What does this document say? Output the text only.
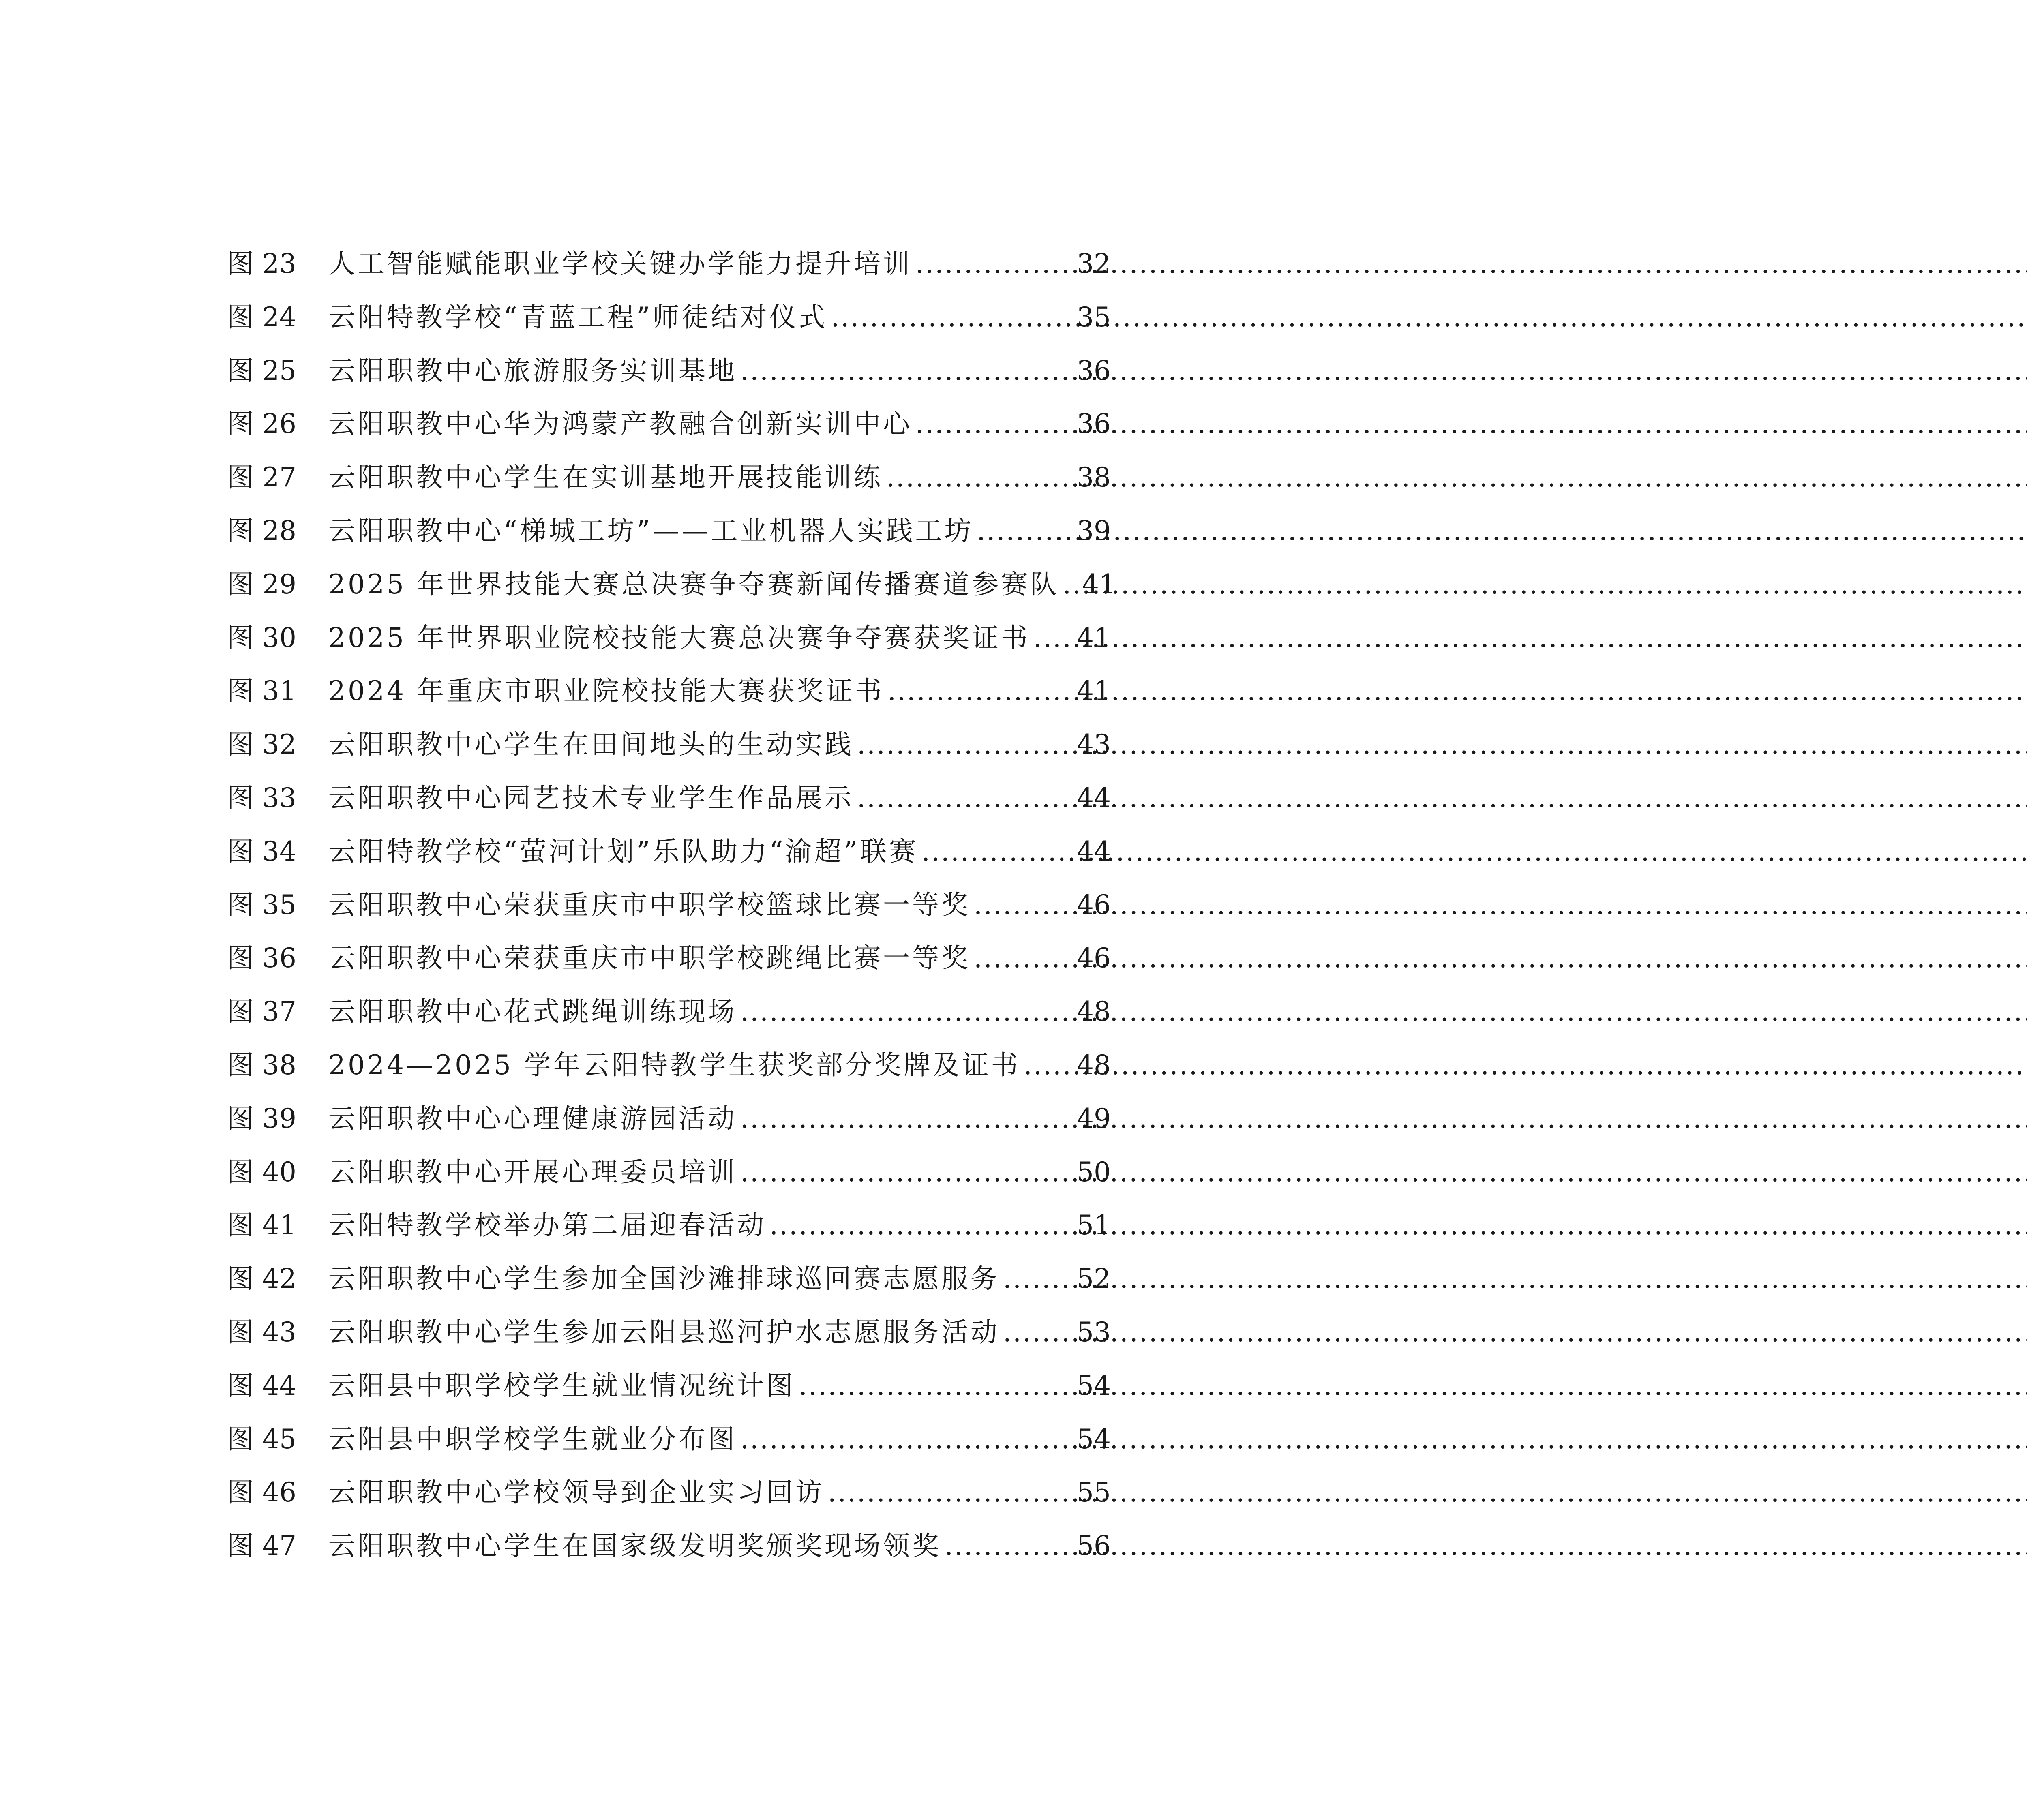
图 23	人工智能赋能职业学校关键办学能力提升培训 .....	32
图 24	云阳特教学校“青蓝工程”师徒结对仪式 .....	35
图 25	云阳职教中心旅游服务实训基地 .....	36
图 26	云阳职教中心华为鸿蒙产教融合创新实训中心 .....	36
图 27	云阳职教中心学生在实训基地开展技能训练 .....	38
图 28	云阳职教中心“梯城工坊”——工业机器人实践工坊 .....	39
图 29	2025 年世界技能大赛总决赛争夺赛新闻传播赛道参赛队 ..... 41
图 30	2025 年世界职业院校技能大赛总决赛争夺赛获奖证书 ..... 41
图 31	2024 年重庆市职业院校技能大赛获奖证书 .....	41
图 32	云阳职教中心学生在田间地头的生动实践 .....	43
图 33	云阳职教中心园艺技术专业学生作品展示 .....	44
图 34	云阳特教学校“萤河计划”乐队助力“渝超”联赛 .....	44
图 35	云阳职教中心荣获重庆市中职学校篮球比赛一等奖 .....	46
图 36	云阳职教中心荣获重庆市中职学校跳绳比赛一等奖 .....	46
图 37	云阳职教中心花式跳绳训练现场 .....	48
图 38	2024—2025 学年云阳特教学生获奖部分奖牌及证书 ..... 48
图 39	云阳职教中心心理健康游园活动 .....	49
图 40	云阳职教中心开展心理委员培训 .....	50
图 41	云阳特教学校举办第二届迎春活动 .....	51
图 42	云阳职教中心学生参加全国沙滩排球巡回赛志愿服务 .....	52
图 43	云阳职教中心学生参加云阳县巡河护水志愿服务活动 .....	53
图 44	云阳县中职学校学生就业情况统计图 .....	54
图 45	云阳县中职学校学生就业分布图 .....	54
图 46	云阳职教中心学校领导到企业实习回访 .....	55
图 47	云阳职教中心学生在国家级发明奖颁奖现场领奖 .....	56
